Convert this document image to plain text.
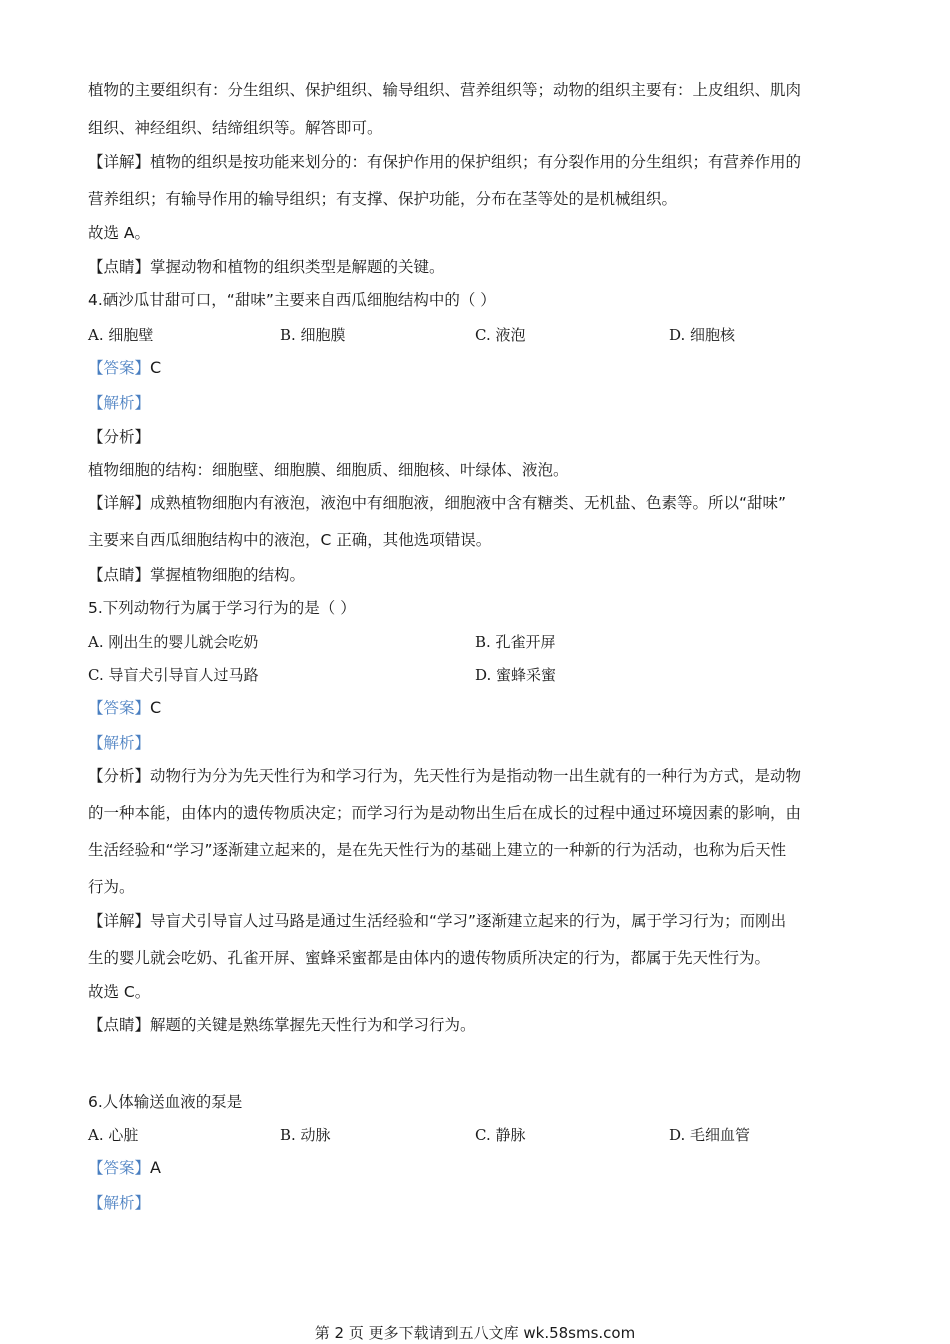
植物的主要组织有：分生组织、保护组织、输导组织、营养组织等；动物的组织主要有：上皮组织、肌肉
组织、神经组织、结缔组织等。解答即可。
【详解】植物的组织是按功能来划分的：有保护作用的保护组织；有分裂作用的分生组织；有营养作用的
营养组织；有输导作用的输导组织；有支撑、保护功能，分布在茎等处的是机械组织。
故选 A。
【点睛】掌握动物和植物的组织类型是解题的关键。
4.硒沙瓜甘甜可口，“甜味”主要来自西瓜细胞结构中的（ ）
A. 细胞壁	B. 细胞膜	C. 液泡	D. 细胞核
【答案】C
【解析】
【分析】
植物细胞的结构：细胞壁、细胞膜、细胞质、细胞核、叶绿体、液泡。
【详解】成熟植物细胞内有液泡，液泡中有细胞液，细胞液中含有糖类、无机盐、色素等。所以“甜味”
主要来自西瓜细胞结构中的液泡，C 正确，其他选项错误。
【点睛】掌握植物细胞的结构。
5.下列动物行为属于学习行为的是（ ）
A. 刚出生的婴儿就会吃奶	B. 孔雀开屏
C. 导盲犬引导盲人过马路	D. 蜜蜂采蜜
【答案】C
【解析】
【分析】动物行为分为先天性行为和学习行为，先天性行为是指动物一出生就有的一种行为方式，是动物
的一种本能，由体内的遗传物质决定；而学习行为是动物出生后在成长的过程中通过环境因素的影响，由
生活经验和“学习”逐渐建立起来的，是在先天性行为的基础上建立的一种新的行为活动，也称为后天性
行为。
【详解】导盲犬引导盲人过马路是通过生活经验和“学习”逐渐建立起来的行为，属于学习行为；而刚出
生的婴儿就会吃奶、孔雀开屏、蜜蜂采蜜都是由体内的遗传物质所决定的行为，都属于先天性行为。
故选 C。
【点睛】解题的关键是熟练掌握先天性行为和学习行为。
6.人体输送血液的泵是
A. 心脏	B. 动脉	C. 静脉	D. 毛细血管
【答案】A
【解析】
第 2 页 更多下载请到五八文库 wk.58sms.com
